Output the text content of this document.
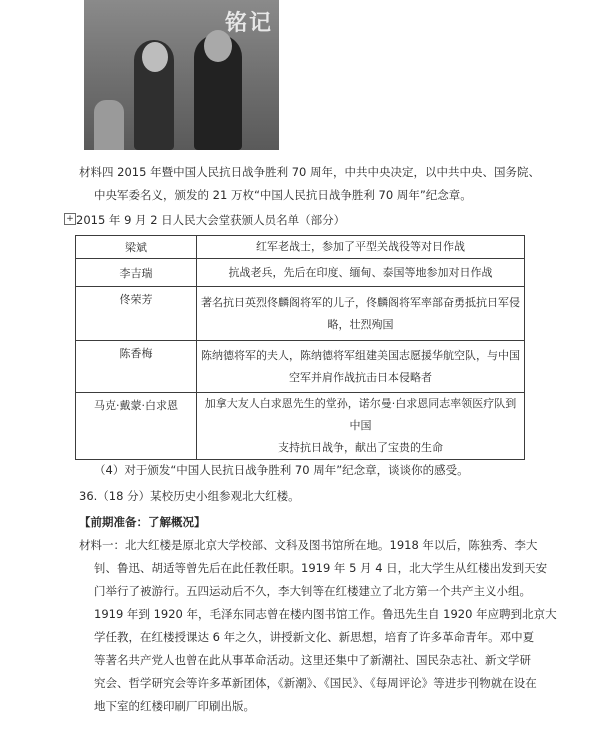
铭记
材料四 2015 年暨中国人民抗日战争胜利 70 周年，中共中央决定，以中共中央、国务院、
中央军委名义，颁发的 21 万枚“中国人民抗日战争胜利 70 周年”纪念章。
+ 2015 年 9 月 2 日人民大会堂获颁人员名单（部分）
梁斌	红军老战士，参加了平型关战役等对日作战
李吉瑞	抗战老兵，先后在印度、缅甸、泰国等地参加对日作战
佟荣芳	著名抗日英烈佟麟阁将军的儿子，佟麟阁将军率部奋勇抵抗日军侵
略，壮烈殉国
陈香梅	陈纳德将军的夫人，陈纳德将军组建美国志愿援华航空队，与中国
空军并肩作战抗击日本侵略者
马克·戴蒙·白求恩	加拿大友人白求恩先生的堂孙，诺尔曼·白求恩同志率领医疗队到中国
支持抗日战争，献出了宝贵的生命
（4）对于颁发“中国人民抗日战争胜利 70 周年”纪念章，谈谈你的感受。
36.（18 分）某校历史小组参观北大红楼。
【前期准备：了解概况】
材料一：北大红楼是原北京大学校部、文科及图书馆所在地。1918 年以后，陈独秀、李大
钊、鲁迅、胡适等曾先后在此任教任职。1919 年 5 月 4 日，北大学生从红楼出发到天安
门举行了被游行。五四运动后不久，李大钊等在红楼建立了北方第一个共产主义小组。
1919 年到 1920 年，毛泽东同志曾在楼内图书馆工作。鲁迅先生自 1920 年应聘到北京大
学任教，在红楼授课达 6 年之久，讲授新文化、新思想，培育了许多革命青年。邓中夏
等著名共产党人也曾在此从事革命活动。这里还集中了新潮社、国民杂志社、新文学研
究会、哲学研究会等许多革新团体，《新潮》、《国民》、《每周评论》等进步刊物就在设在
地下室的红楼印刷厂印刷出版。
